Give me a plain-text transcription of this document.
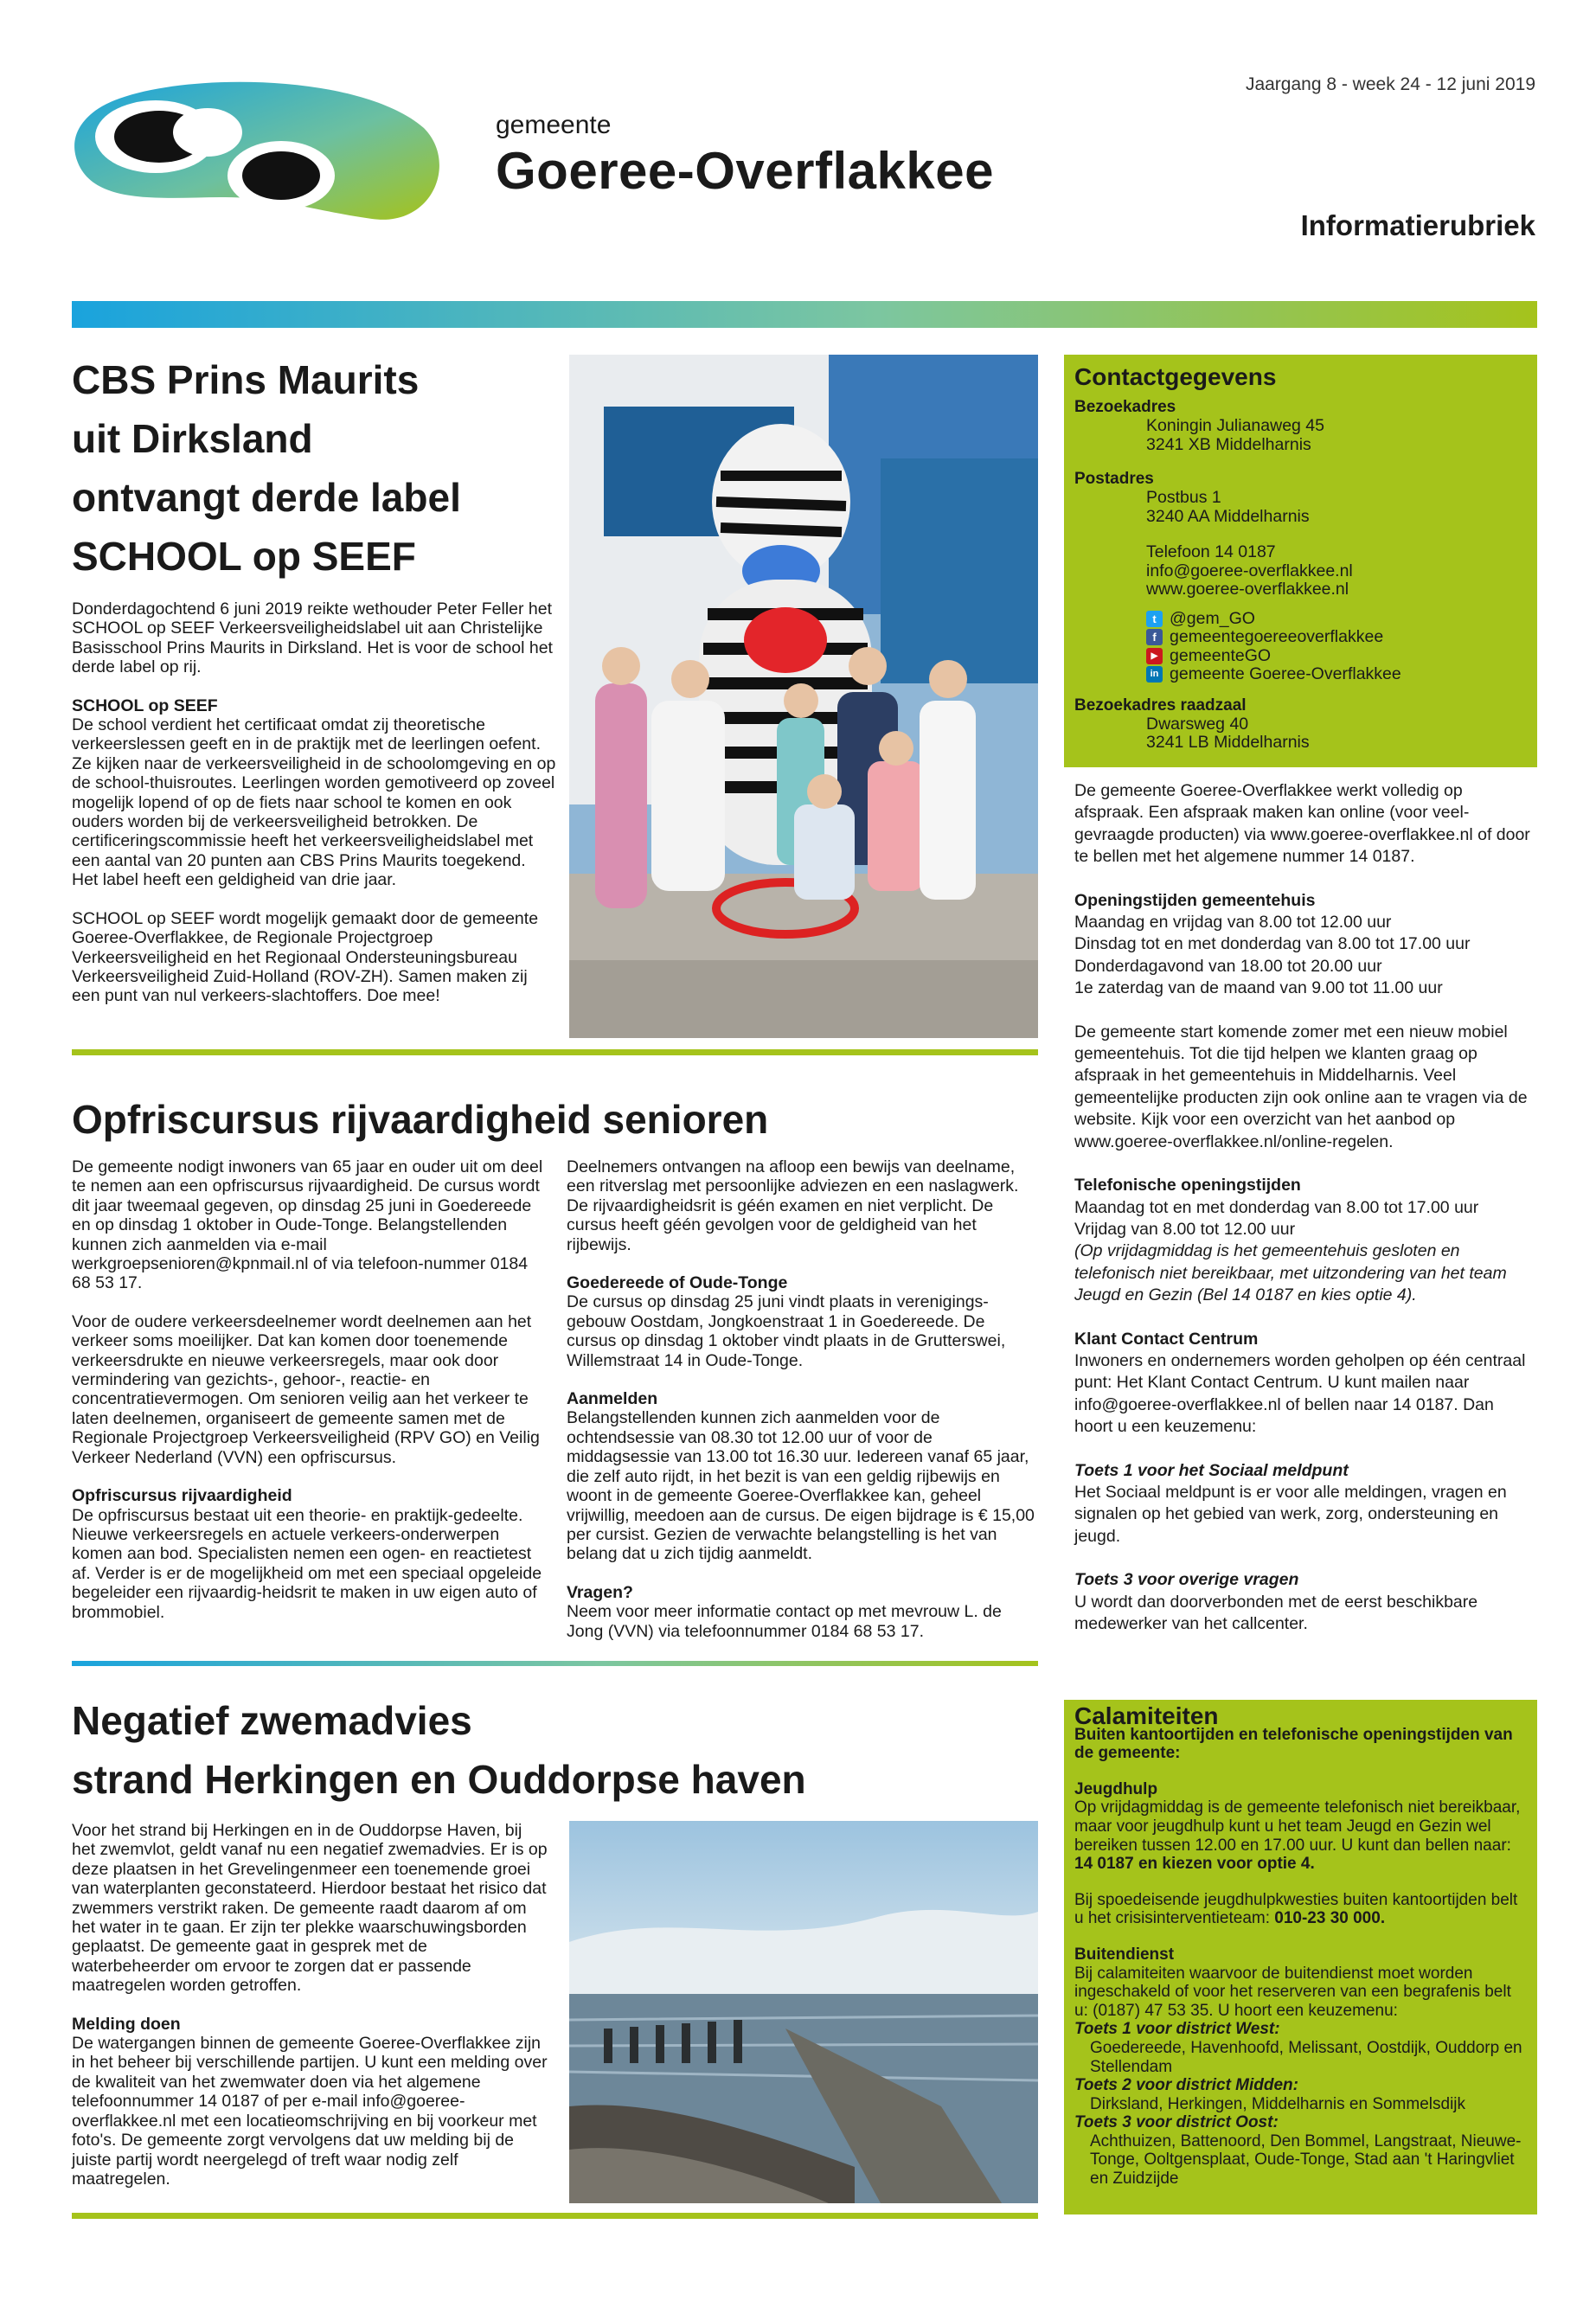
gemeente
Goeree-Overflakkee
Jaargang 8 - week 24 - 12 juni 2019
Informatierubriek
CBS Prins Maurits
uit Dirksland
ontvangt derde label
SCHOOL op SEEF

Donderdagochtend 6 juni 2019 reikte wethouder Peter Feller het SCHOOL op SEEF Verkeersveiligheidslabel uit aan Christelijke Basisschool Prins Maurits in Dirksland. Het is voor de school het derde label op rij.

SCHOOL op SEEF

De school verdient het certificaat omdat zij theoretische verkeerslessen geeft en in de praktijk met de leerlingen oefent. Ze kijken naar de verkeersveiligheid in de schoolomgeving en op de school-thuisroutes. Leerlingen worden gemotiveerd op zoveel mogelijk lopend of op de fiets naar school te komen en ook ouders worden bij de verkeersveiligheid betrokken. De certificeringscommissie heeft het verkeersveiligheidslabel met een aantal van 20 punten aan CBS Prins Maurits toegekend. Het label heeft een geldigheid van drie jaar.

SCHOOL op SEEF wordt mogelijk gemaakt door de gemeente Goeree-Overflakkee, de Regionale Projectgroep Verkeersveiligheid en het Regionaal Ondersteuningsbureau Verkeersveiligheid Zuid-Holland (ROV-ZH). Samen maken zij een punt van nul verkeers-slachtoffers. Doe mee!

Opfriscursus rijvaardigheid senioren

De gemeente nodigt inwoners van 65 jaar en ouder uit om deel te nemen aan een opfriscursus rijvaardigheid. De cursus wordt dit jaar tweemaal gegeven, op dinsdag 25 juni in Goedereede en op dinsdag 1 oktober in Oude-Tonge. Belangstellenden kunnen zich aanmelden via e-mail werkgroepsenioren@kpnmail.nl of via telefoon-nummer 0184 68 53 17.

Voor de oudere verkeersdeelnemer wordt deelnemen aan het verkeer soms moeilijker. Dat kan komen door toenemende verkeersdrukte en nieuwe verkeersregels, maar ook door vermindering van gezichts-, gehoor-, reactie- en concentratievermogen. Om senioren veilig aan het verkeer te laten deelnemen, organiseert de gemeente samen met de Regionale Projectgroep Verkeersveiligheid (RPV GO) en Veilig Verkeer Nederland (VVN) een opfriscursus.

Opfriscursus rijvaardigheid

De opfriscursus bestaat uit een theorie- en praktijk-gedeelte. Nieuwe verkeersregels en actuele verkeers-onderwerpen komen aan bod. Specialisten nemen een ogen- en reactietest af. Verder is er de mogelijkheid om met een speciaal opgeleide begeleider een rijvaardig-heidsrit te maken in uw eigen auto of brommobiel.

Deelnemers ontvangen na afloop een bewijs van deelname, een ritverslag met persoonlijke adviezen en een naslagwerk. De rijvaardigheidsrit is géén examen en niet verplicht. De cursus heeft géén gevolgen voor de geldigheid van het rijbewijs.

Goedereede of Oude-Tonge

De cursus op dinsdag 25 juni vindt plaats in verenigings-gebouw Oostdam, Jongkoenstraat 1 in Goedereede. De cursus op dinsdag 1 oktober vindt plaats in de Grutterswei, Willemstraat 14 in Oude-Tonge.

Aanmelden

Belangstellenden kunnen zich aanmelden voor de ochtendsessie van 08.30 tot 12.00 uur of voor de middagsessie van 13.00 tot 16.30 uur. Iedereen vanaf 65 jaar, die zelf auto rijdt, in het bezit is van een geldig rijbewijs en woont in de gemeente Goeree-Overflakkee kan, geheel vrijwillig, meedoen aan de cursus. De eigen bijdrage is € 15,00 per cursist. Gezien de verwachte belangstelling is het van belang dat u zich tijdig aanmeldt.

Vragen?

Neem voor meer informatie contact op met mevrouw L. de Jong (VVN) via telefoonnummer 0184 68 53 17.

Negatief zwemadvies
strand Herkingen en Ouddorpse haven

Voor het strand bij Herkingen en in de Ouddorpse Haven, bij het zwemvlot, geldt vanaf nu een negatief zwemadvies. Er is op deze plaatsen in het Grevelingenmeer een toenemende groei van waterplanten geconstateerd. Hierdoor bestaat het risico dat zwemmers verstrikt raken. De gemeente raadt daarom af om het water in te gaan. Er zijn ter plekke waarschuwingsborden geplaatst. De gemeente gaat in gesprek met de waterbeheerder om ervoor te zorgen dat er passende maatregelen worden getroffen.

Melding doen

De watergangen binnen de gemeente Goeree-Overflakkee zijn in het beheer bij verschillende partijen. U kunt een melding over de kwaliteit van het zwemwater doen via het algemene telefoonnummer 14 0187 of per e-mail info@goeree-overflakkee.nl met een locatieomschrijving en bij voorkeur met foto's. De gemeente zorgt vervolgens dat uw melding bij de juiste partij wordt neergelegd of treft waar nodig zelf maatregelen.

Contactgegevens
Bezoekadres
Koningin Julianaweg 45
3241 XB Middelharnis
Postadres
Postbus 1
3240 AA Middelharnis
Telefoon 14 0187
info@goeree-overflakkee.nl
www.goeree-overflakkee.nl
t @gem_GO
f gemeentegoereeoverflakkee
▶ gemeenteGO
in gemeente Goeree-Overflakkee
Bezoekadres raadzaal
Dwarsweg 40
3241 LB Middelharnis

De gemeente Goeree-Overflakkee werkt volledig op afspraak. Een afspraak maken kan online (voor veel-gevraagde producten) via www.goeree-overflakkee.nl of door te bellen met het algemene nummer 14 0187.

Openingstijden gemeentehuis

Maandag en vrijdag van 8.00 tot 12.00 uur
Dinsdag tot en met donderdag van 8.00 tot 17.00 uur
Donderdagavond van 18.00 tot 20.00 uur
1e zaterdag van de maand van 9.00 tot 11.00 uur

De gemeente start komende zomer met een nieuw mobiel gemeentehuis. Tot die tijd helpen we klanten graag op afspraak in het gemeentehuis in Middelharnis. Veel gemeentelijke producten zijn ook online aan te vragen via de website. Kijk voor een overzicht van het aanbod op www.goeree-overflakkee.nl/online-regelen.

Telefonische openingstijden

Maandag tot en met donderdag van 8.00 tot 17.00 uur
Vrijdag van 8.00 tot 12.00 uur
(Op vrijdagmiddag is het gemeentehuis gesloten en telefonisch niet bereikbaar, met uitzondering van het team Jeugd en Gezin (Bel 14 0187 en kies optie 4).

Klant Contact Centrum

Inwoners en ondernemers worden geholpen op één centraal punt: Het Klant Contact Centrum. U kunt mailen naar info@goeree-overflakkee.nl of bellen naar 14 0187. Dan hoort u een keuzemenu:

Toets 1 voor het Sociaal meldpunt

Het Sociaal meldpunt is er voor alle meldingen, vragen en signalen op het gebied van werk, zorg, ondersteuning en jeugd.

Toets 3 voor overige vragen

U wordt dan doorverbonden met de eerst beschikbare medewerker van het callcenter.

Calamiteiten
Buiten kantoortijden en telefonische openingstijden van de gemeente:
Jeugdhulp
Op vrijdagmiddag is de gemeente telefonisch niet bereikbaar, maar voor jeugdhulp kunt u het team Jeugd en Gezin wel bereiken tussen 12.00 en 17.00 uur. U kunt dan bellen naar: 14 0187 en kiezen voor optie 4.
Bij spoedeisende jeugdhulpkwesties buiten kantoortijden belt u het crisisinterventieteam: 010-23 30 000.
Buitendienst
Bij calamiteiten waarvoor de buitendienst moet worden ingeschakeld of voor het reserveren van een begrafenis belt u: (0187) 47 53 35. U hoort een keuzemenu:
Toets 1 voor district West:
Goedereede, Havenhoofd, Melissant, Oostdijk, Ouddorp en Stellendam
Toets 2 voor district Midden:
Dirksland, Herkingen, Middelharnis en Sommelsdijk
Toets 3 voor district Oost:
Achthuizen, Battenoord, Den Bommel, Langstraat, Nieuwe-Tonge, Ooltgensplaat, Oude-Tonge, Stad aan 't Haringvliet en Zuidzijde
